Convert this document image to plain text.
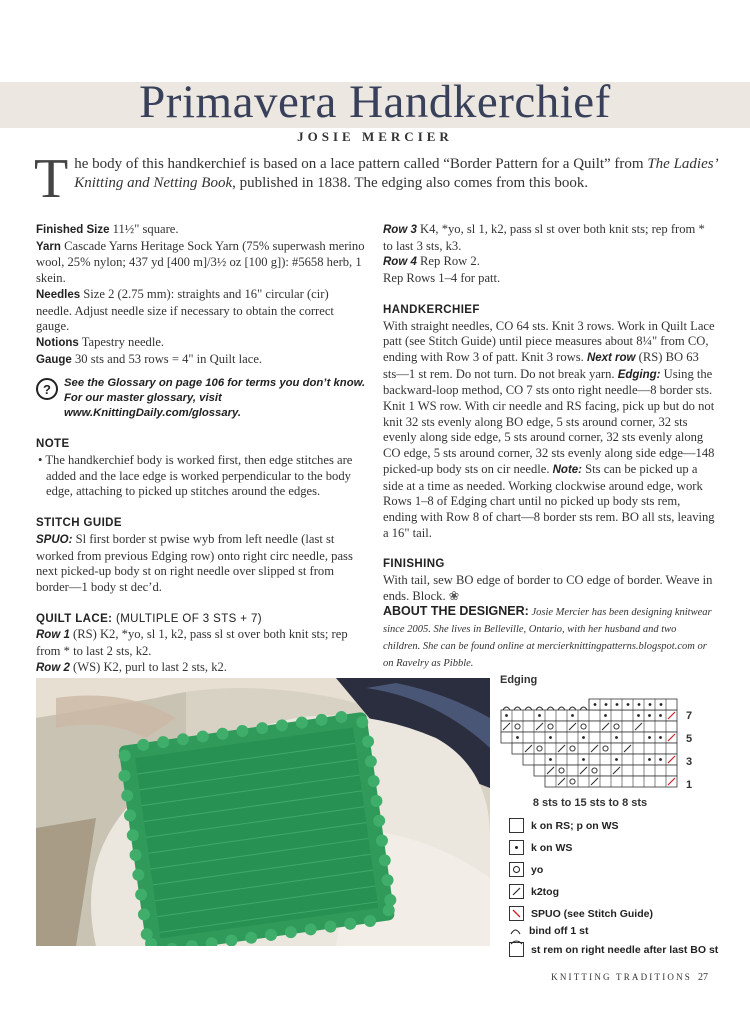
Primavera Handkerchief
JOSIE MERCIER
The body of this handkerchief is based on a lace pattern called “Border Pattern for a Quilt” from The Ladies’ Knitting and Netting Book, published in 1838. The edging also comes from this book.

Finished Size 11½" square.

Yarn Cascade Yarns Heritage Sock Yarn (75% superwash merino wool, 25% nylon; 437 yd [400 m]/3½ oz [100 g]): #5658 herb, 1 skein.

Needles Size 2 (2.75 mm): straights and 16" circular (cir) needle. Adjust needle size if necessary to obtain the correct gauge.

Notions Tapestry needle.

Gauge 30 sts and 53 rows = 4" in Quilt lace.

?	See the Glossary on page 106 for terms you don’t know. For our master glossary, visit www.KnittingDaily.com/glossary.

NOTE

• The handkerchief body is worked first, then edge stitches are added and the lace edge is worked perpendicular to the body edge, attaching to picked up stitches around the edges.

STITCH GUIDE

SPUO: Sl first border st pwise wyb from left needle (last st worked from previous Edging row) onto right circ needle, pass next picked-up body st on right needle over slipped st from border—1 body st dec’d.

QUILT LACE: (MULTIPLE OF 3 STS + 7)

Row 1 (RS) K2, *yo, sl 1, k2, pass sl st over both knit sts; rep from * to last 2 sts, k2.

Row 2 (WS) K2, purl to last 2 sts, k2.

Row 3 K4, *yo, sl 1, k2, pass sl st over both knit sts; rep from * to last 3 sts, k3.

Row 4 Rep Row 2.

Rep Rows 1–4 for patt.

HANDKERCHIEF

With straight needles, CO 64 sts. Knit 3 rows. Work in Quilt Lace patt (see Stitch Guide) until piece measures about 8¼" from CO, ending with Row 3 of patt. Knit 3 rows. Next row (RS) BO 63 sts—1 st rem. Do not turn. Do not break yarn. Edging: Using the backward-loop method, CO 7 sts onto right needle—8 border sts. Knit 1 WS row. With cir needle and RS facing, pick up but do not knit 32 sts evenly along BO edge, 5 sts around corner, 32 sts evenly along side edge, 5 sts around corner, 32 sts evenly along CO edge, 5 sts around corner, 32 sts evenly along side edge—148 picked-up body sts on cir needle. Note: Sts can be picked up a side at a time as needed. Working clockwise around edge, work Rows 1–8 of Edging chart until no picked up body sts rem, ending with Row 8 of chart—8 border sts rem. BO all sts, leaving a 16" tail.

FINISHING

With tail, sew BO edge of border to CO edge of border. Weave in ends. Block. ❀

ABOUT THE DESIGNER: Josie Mercier has been designing knitwear since 2005. She lives in Belleville, Ontario, with her husband and two children. She can be found online at mercierknittingpatterns.blogspot.com or on Ravelry as Pibble.

Edging
7
5
3
1
8 sts to 15 sts to 8 sts
k on RS; p on WS
k on WS
yo
k2tog
SPUO (see Stitch Guide)
bind off 1 st
st rem on right needle after last BO st
KNITTING TRADITIONS 27
